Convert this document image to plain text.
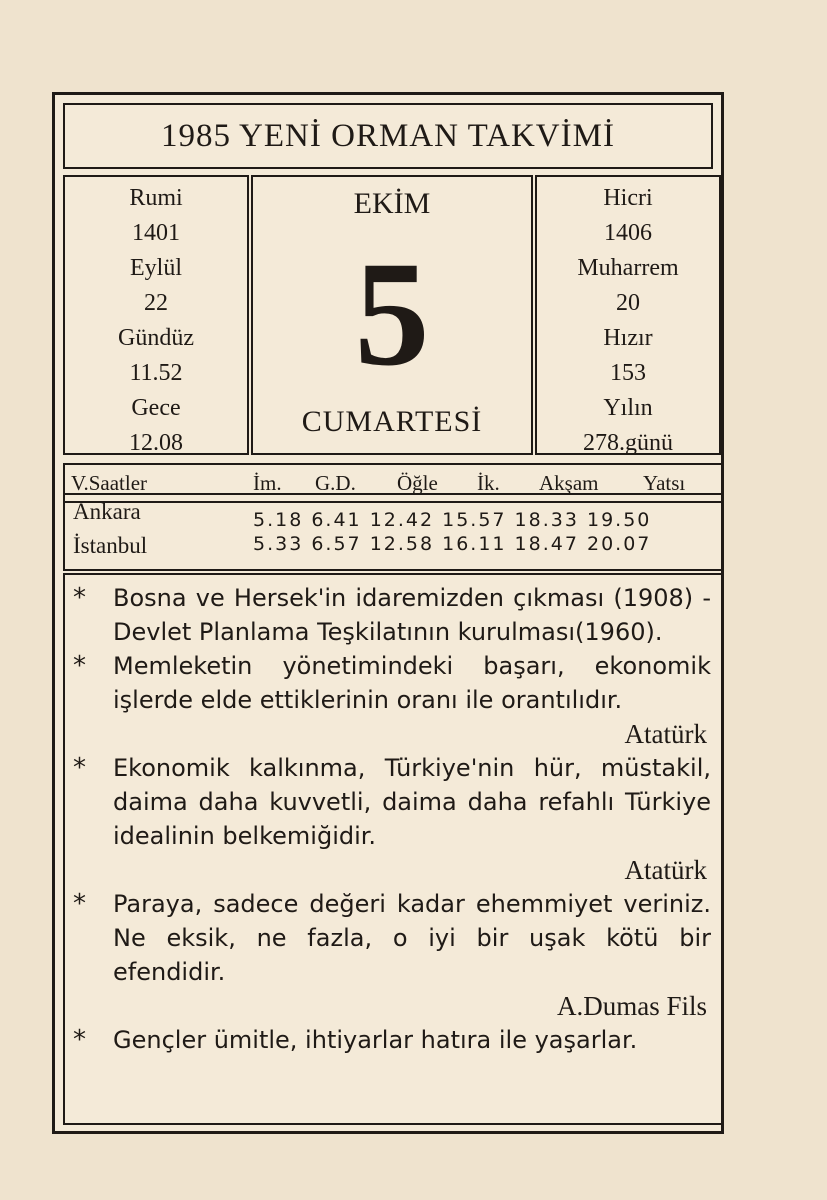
1985 YENİ ORMAN TAKVİMİ
Rumi
1401
Eylül
22
Gündüz
11.52
Gece
12.08
EKİM
5
CUMARTESİ
Hicri
1406
Muharrem
20
Hızır
153
Yılın
278.günü
V.Saatler	İm. G.D. Öğle İk. Akşam Yatsı
Ankara	5.18 6.41 12.42 15.57 18.33 19.50
İstanbul	5.33 6.57 12.58 16.11 18.47 20.07
* Bosna ve Hersek'in idaremizden çıkması (1908) - Devlet Planlama Teşkilatının kurulması(1960).
* Memleketin yönetimindeki başarı, ekonomik işlerde elde ettiklerinin oranı ile orantılıdır.
Atatürk
* Ekonomik kalkınma, Türkiye'nin hür, müstakil, daima daha kuvvetli, daima daha refahlı Türkiye idealinin belkemiğidir.
Atatürk
* Paraya, sadece değeri kadar ehemmiyet veriniz. Ne eksik, ne fazla, o iyi bir uşak kötü bir efendidir.
A.Dumas Fils
* Gençler ümitle, ihtiyarlar hatıra ile yaşarlar.
